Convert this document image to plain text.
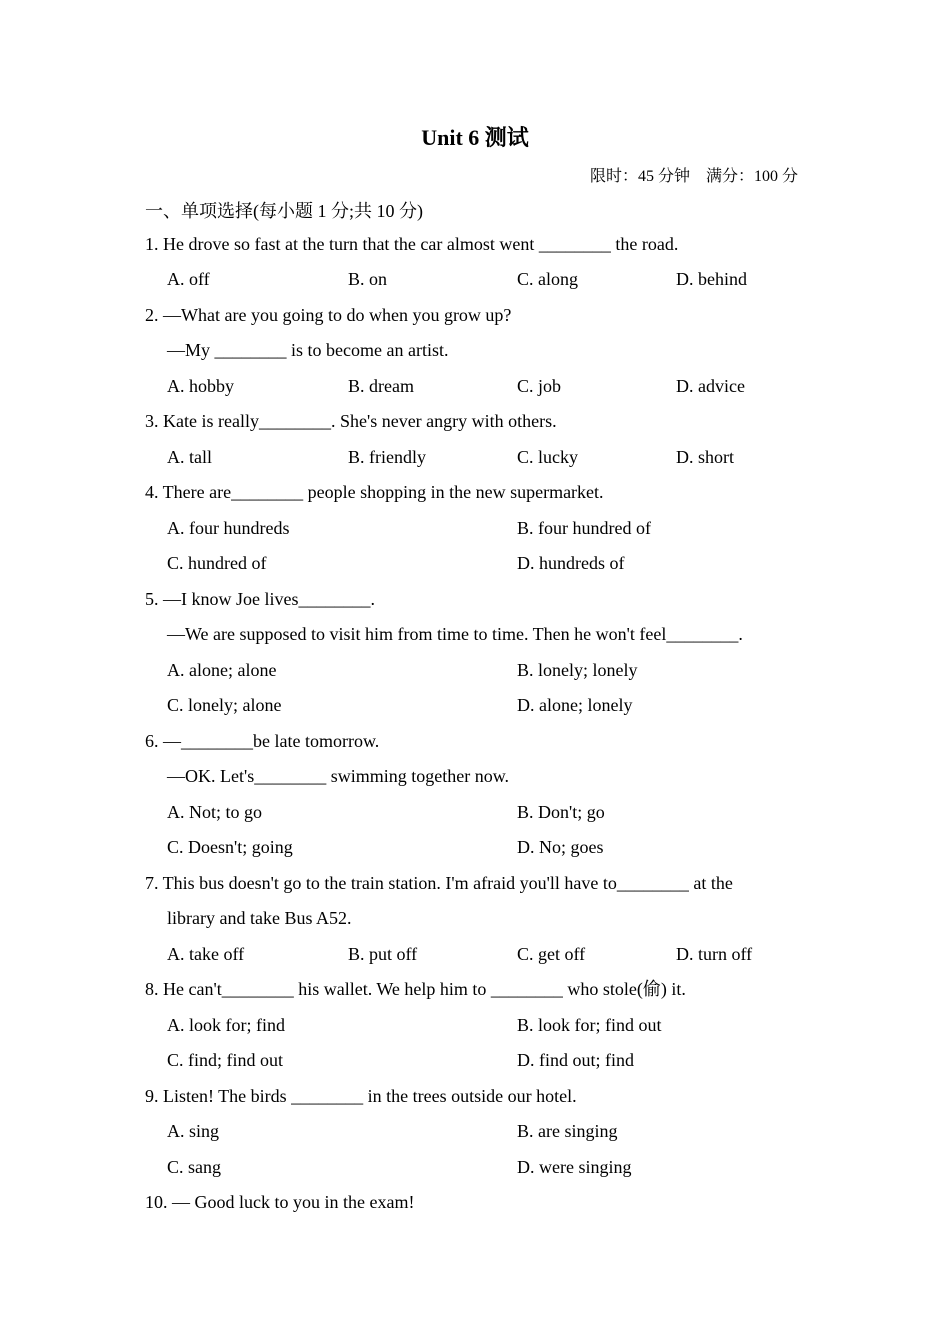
Unit 6 测试
限时：45 分钟 满分：100 分
一、单项选择(每小题 1 分;共 10 分)
1. He drove so fast at the turn that the car almost went ________ the road.
A. off	B. on	C. along	D. behind
2. —What are you going to do when you grow up?
—My ________ is to become an artist.
A. hobby	B. dream	C. job	D. advice
3. Kate is really________. She's never angry with others.
A. tall	B. friendly	C. lucky	D. short
4. There are________ people shopping in the new supermarket.
A. four hundreds	B. four hundred of
C. hundred of	D. hundreds of
5. —I know Joe lives________.
—We are supposed to visit him from time to time. Then he won't feel________.
A. alone; alone	B. lonely; lonely
C. lonely; alone	D. alone; lonely
6. —________be late tomorrow.
—OK. Let's________ swimming together now.
A. Not; to go	B. Don't; go
C. Doesn't; going	D. No; goes
7. This bus doesn't go to the train station. I'm afraid you'll have to________ at the
library and take Bus A52.
A. take off	B. put off	C. get off	D. turn off
8. He can't________ his wallet. We help him to ________ who stole(偷) it.
A. look for; find	B. look for; find out
C. find; find out	D. find out; find
9. Listen! The birds ________ in the trees outside our hotel.
A. sing	B. are singing
C. sang	D. were singing
10. — Good luck to you in the exam!
